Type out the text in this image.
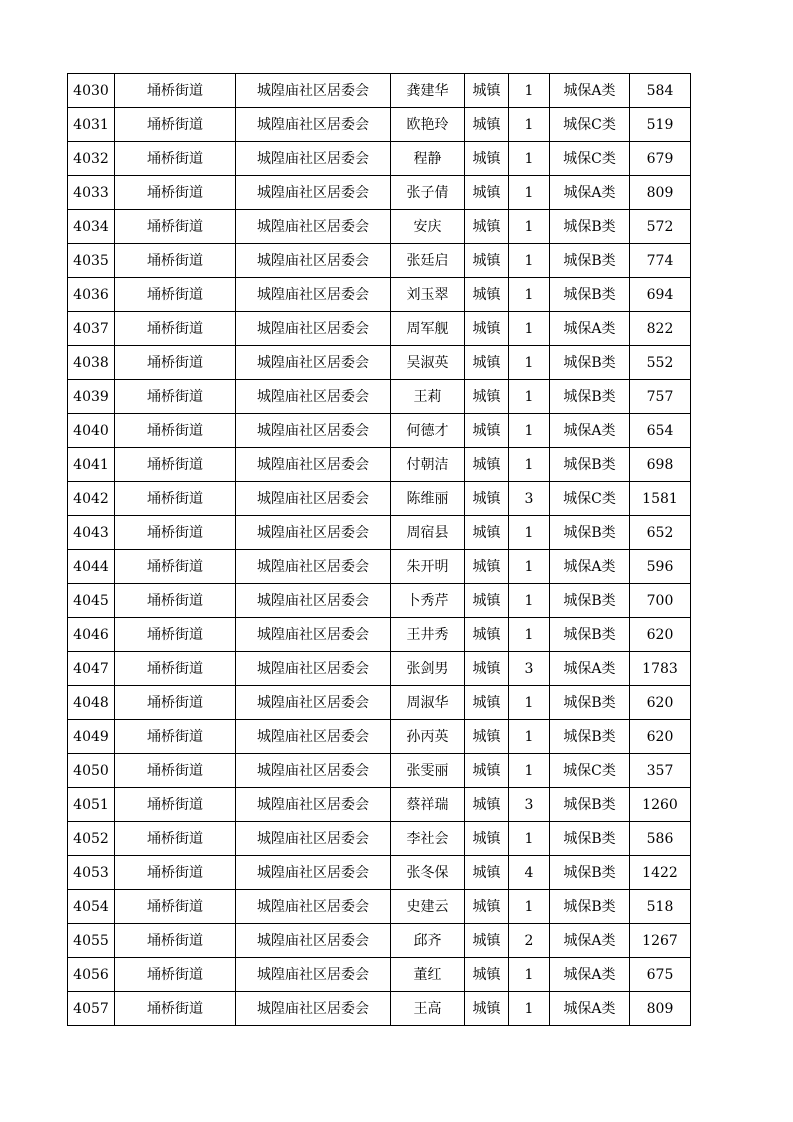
4030	埇桥街道	城隍庙社区居委会	龚建华	城镇	1	城保A类	584
4031	埇桥街道	城隍庙社区居委会	欧艳玲	城镇	1	城保C类	519
4032	埇桥街道	城隍庙社区居委会	程静	城镇	1	城保C类	679
4033	埇桥街道	城隍庙社区居委会	张子倩	城镇	1	城保A类	809
4034	埇桥街道	城隍庙社区居委会	安庆	城镇	1	城保B类	572
4035	埇桥街道	城隍庙社区居委会	张廷启	城镇	1	城保B类	774
4036	埇桥街道	城隍庙社区居委会	刘玉翠	城镇	1	城保B类	694
4037	埇桥街道	城隍庙社区居委会	周军舰	城镇	1	城保A类	822
4038	埇桥街道	城隍庙社区居委会	吴淑英	城镇	1	城保B类	552
4039	埇桥街道	城隍庙社区居委会	王莉	城镇	1	城保B类	757
4040	埇桥街道	城隍庙社区居委会	何德才	城镇	1	城保A类	654
4041	埇桥街道	城隍庙社区居委会	付朝洁	城镇	1	城保B类	698
4042	埇桥街道	城隍庙社区居委会	陈维丽	城镇	3	城保C类	1581
4043	埇桥街道	城隍庙社区居委会	周宿县	城镇	1	城保B类	652
4044	埇桥街道	城隍庙社区居委会	朱开明	城镇	1	城保A类	596
4045	埇桥街道	城隍庙社区居委会	卜秀芹	城镇	1	城保B类	700
4046	埇桥街道	城隍庙社区居委会	王井秀	城镇	1	城保B类	620
4047	埇桥街道	城隍庙社区居委会	张剑男	城镇	3	城保A类	1783
4048	埇桥街道	城隍庙社区居委会	周淑华	城镇	1	城保B类	620
4049	埇桥街道	城隍庙社区居委会	孙丙英	城镇	1	城保B类	620
4050	埇桥街道	城隍庙社区居委会	张雯丽	城镇	1	城保C类	357
4051	埇桥街道	城隍庙社区居委会	蔡祥瑞	城镇	3	城保B类	1260
4052	埇桥街道	城隍庙社区居委会	李社会	城镇	1	城保B类	586
4053	埇桥街道	城隍庙社区居委会	张冬保	城镇	4	城保B类	1422
4054	埇桥街道	城隍庙社区居委会	史建云	城镇	1	城保B类	518
4055	埇桥街道	城隍庙社区居委会	邱齐	城镇	2	城保A类	1267
4056	埇桥街道	城隍庙社区居委会	董红	城镇	1	城保A类	675
4057	埇桥街道	城隍庙社区居委会	王高	城镇	1	城保A类	809
